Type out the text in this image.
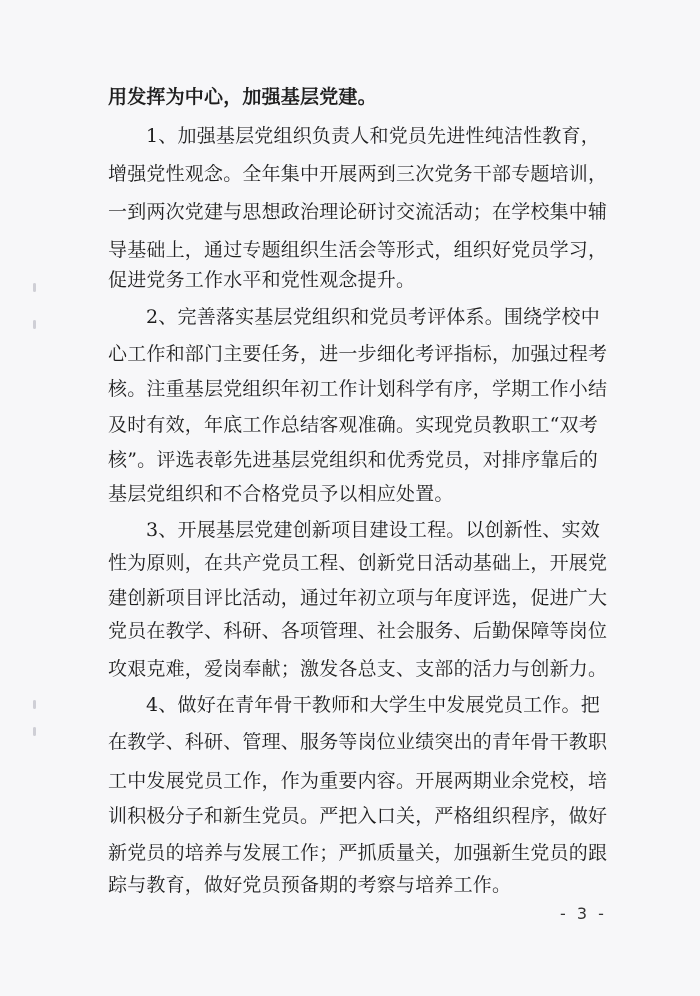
用发挥为中心，加强基层党建。
1、加强基层党组织负责人和党员先进性纯洁性教育，
增强党性观念。全年集中开展两到三次党务干部专题培训，
一到两次党建与思想政治理论研讨交流活动；在学校集中辅
导基础上，通过专题组织生活会等形式，组织好党员学习，
促进党务工作水平和党性观念提升。
2、完善落实基层党组织和党员考评体系。围绕学校中
心工作和部门主要任务，进一步细化考评指标，加强过程考
核。注重基层党组织年初工作计划科学有序，学期工作小结
及时有效，年底工作总结客观准确。实现党员教职工“双考
核”。评选表彰先进基层党组织和优秀党员，对排序靠后的
基层党组织和不合格党员予以相应处置。
3、开展基层党建创新项目建设工程。以创新性、实效
性为原则，在共产党员工程、创新党日活动基础上，开展党
建创新项目评比活动，通过年初立项与年度评选，促进广大
党员在教学、科研、各项管理、社会服务、后勤保障等岗位
攻艰克难，爱岗奉献；激发各总支、支部的活力与创新力。
4、做好在青年骨干教师和大学生中发展党员工作。把
在教学、科研、管理、服务等岗位业绩突出的青年骨干教职
工中发展党员工作，作为重要内容。开展两期业余党校，培
训积极分子和新生党员。严把入口关，严格组织程序，做好
新党员的培养与发展工作；严抓质量关，加强新生党员的跟
踪与教育，做好党员预备期的考察与培养工作。
- 3 -
